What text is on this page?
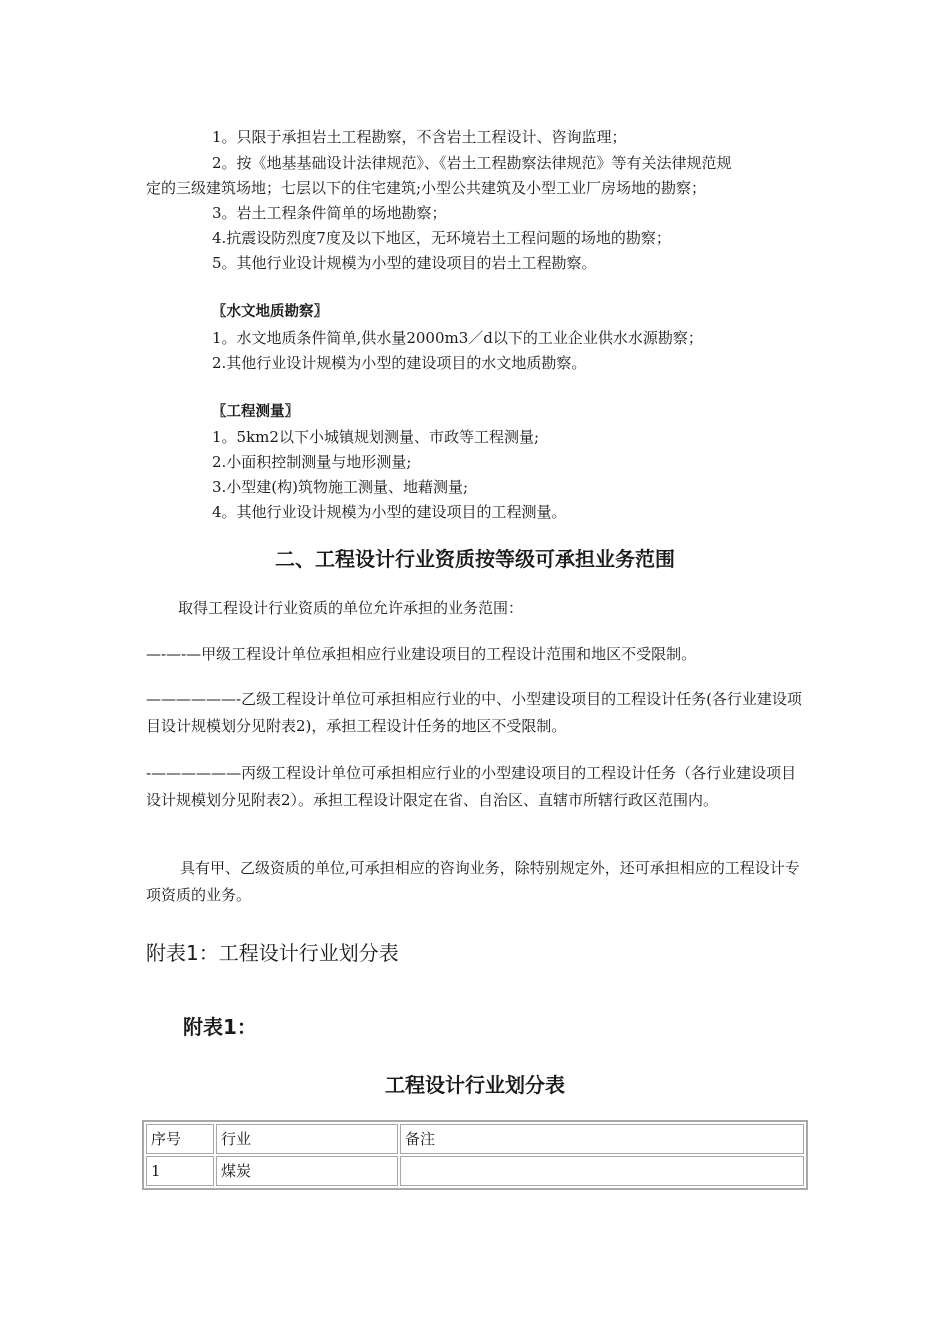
1。只限于承担岩土工程勘察，不含岩土工程设计、咨询监理；
2。按《地基基础设计法律规范》、《岩土工程勘察法律规范》等有关法律规范规
定的三级建筑场地；七层以下的住宅建筑;小型公共建筑及小型工业厂房场地的勘察；
3。岩土工程条件简单的场地勘察；
4.抗震设防烈度7度及以下地区，无环境岩土工程问题的场地的勘察；
5。其他行业设计规模为小型的建设项目的岩土工程勘察。
〖水文地质勘察〗
1。水文地质条件简单,供水量2000m3／d以下的工业企业供水水源勘察；
2.其他行业设计规模为小型的建设项目的水文地质勘察。
〖工程测量〗
1。5km2以下小城镇规划测量、市政等工程测量;
2.小面积控制测量与地形测量;
3.小型建(构)筑物施工测量、地藉测量;
4。其他行业设计规模为小型的建设项目的工程测量。
二、工程设计行业资质按等级可承担业务范围
取得工程设计行业资质的单位允许承担的业务范围：
—-—-—甲级工程设计单位承担相应行业建设项目的工程设计范围和地区不受限制。
——————-乙级工程设计单位可承担相应行业的中、小型建设项目的工程设计任务(各行业建设项目设计规模划分见附表2)，承担工程设计任务的地区不受限制。
-——————丙级工程设计单位可承担相应行业的小型建设项目的工程设计任务（各行业建设项目设计规模划分见附表2）。承担工程设计限定在省、自治区、直辖市所辖行政区范围内。
具有甲、乙级资质的单位,可承担相应的咨询业务，除特别规定外，还可承担相应的工程设计专项资质的业务。
附表1：工程设计行业划分表
附表1：
工程设计行业划分表
序号	行业	备注
1	煤炭	
